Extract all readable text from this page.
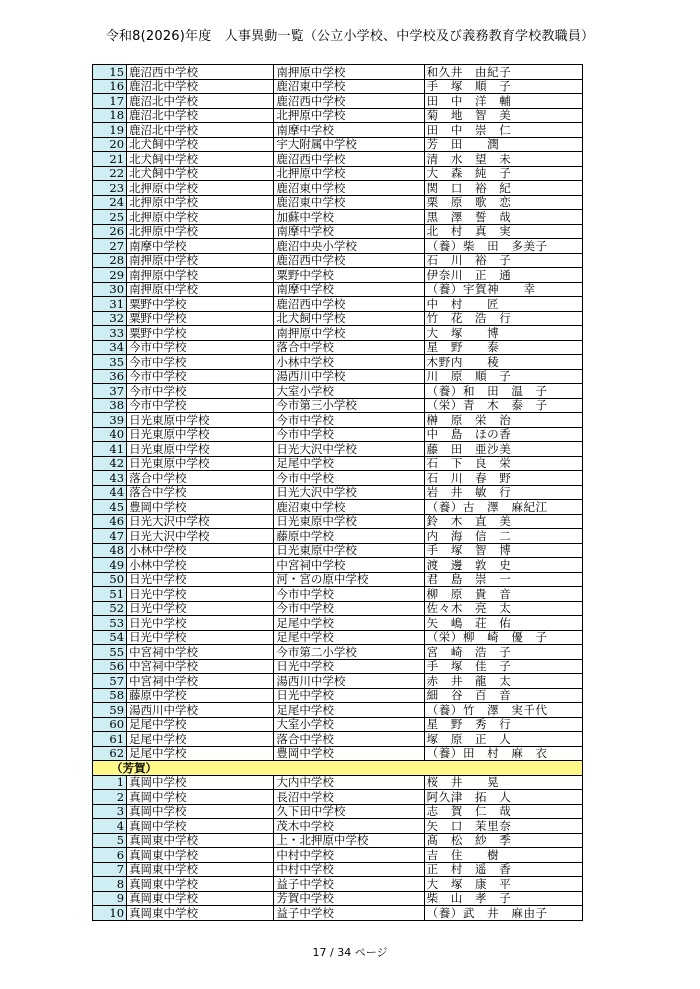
令和8(2026)年度　人事異動一覧（公立小学校、中学校及び義務教育学校教職員）
15	鹿沼西中学校	南押原中学校	和久井　由紀子
16	鹿沼北中学校	鹿沼東中学校	手　塚　順　子
17	鹿沼北中学校	鹿沼西中学校	田　中　洋　輔
18	鹿沼北中学校	北押原中学校	菊　地　智　美
19	鹿沼北中学校	南摩中学校	田　中　崇　仁
20	北犬飼中学校	宇大附属中学校	芳　田　　潤
21	北犬飼中学校	鹿沼西中学校	清　水　望　未
22	北犬飼中学校	北押原中学校	大　森　純　子
23	北押原中学校	鹿沼東中学校	関　口　裕　紀
24	北押原中学校	鹿沼東中学校	栗　原　歌　恋
25	北押原中学校	加蘇中学校	黒　澤　誓　哉
26	北押原中学校	南摩中学校	北　村　真　実
27	南摩中学校	鹿沼中央小学校	（養）柴　田　多美子
28	南押原中学校	鹿沼西中学校	石　川　裕　子
29	南押原中学校	粟野中学校	伊奈川　正　通
30	南押原中学校	南摩中学校	（養）宇賀神　　幸
31	粟野中学校	鹿沼西中学校	中　村　　匠
32	粟野中学校	北犬飼中学校	竹　花　浩　行
33	粟野中学校	南押原中学校	大　塚　　博
34	今市中学校	落合中学校	星　野　　泰
35	今市中学校	小林中学校	木野内　　稜
36	今市中学校	湯西川中学校	川　原　順　子
37	今市中学校	大室小学校	（養）和　田　温　子
38	今市中学校	今市第三小学校	（栄）青　木　泰　子
39	日光東原中学校	今市中学校	榊　原　栄　治
40	日光東原中学校	今市中学校	中　島　ほの香
41	日光東原中学校	日光大沢中学校	藤　田　亜沙美
42	日光東原中学校	足尾中学校	石　下　良　栄
43	落合中学校	今市中学校	石　川　春　野
44	落合中学校	日光大沢中学校	岩　井　敏　行
45	豊岡中学校	鹿沼東中学校	（養）古　澤　麻紀江
46	日光大沢中学校	日光東原中学校	鈴　木　直　美
47	日光大沢中学校	藤原中学校	内　海　信　二
48	小林中学校	日光東原中学校	手　塚　智　博
49	小林中学校	中宮祠中学校	渡　邊　敦　史
50	日光中学校	河・宮の原中学校	君　島　崇　一
51	日光中学校	今市中学校	柳　原　貴　音
52	日光中学校	今市中学校	佐々木　亮　太
53	日光中学校	足尾中学校	矢　嶋　荘　佑
54	日光中学校	足尾中学校	（栄）柳　崎　優　子
55	中宮祠中学校	今市第二小学校	宮　崎　浩　子
56	中宮祠中学校	日光中学校	手　塚　佳　子
57	中宮祠中学校	湯西川中学校	赤　井　龍　太
58	藤原中学校	日光中学校	細　谷　百　音
59	湯西川中学校	足尾中学校	（養）竹　澤　実千代
60	足尾中学校	大室小学校	星　野　秀　行
61	足尾中学校	落合中学校	塚　原　正　人
62	足尾中学校	豊岡中学校	（養）田　村　麻　衣
（芳賀）			
1	真岡中学校	大内中学校	桜　井　　晃
2	真岡中学校	長沼中学校	阿久津　拓　人
3	真岡中学校	久下田中学校	志　賀　仁　哉
4	真岡中学校	茂木中学校	矢　口　茉里奈
5	真岡東中学校	上・北押原中学校	髙　松　紗　季
6	真岡東中学校	中村中学校	吉　住　　樹
7	真岡東中学校	中村中学校	正　村　遥　香
8	真岡東中学校	益子中学校	大　塚　康　平
9	真岡東中学校	芳賀中学校	柴　山　孝　子
10	真岡東中学校	益子中学校	（養）武　井　麻由子
17 / 34 ページ
